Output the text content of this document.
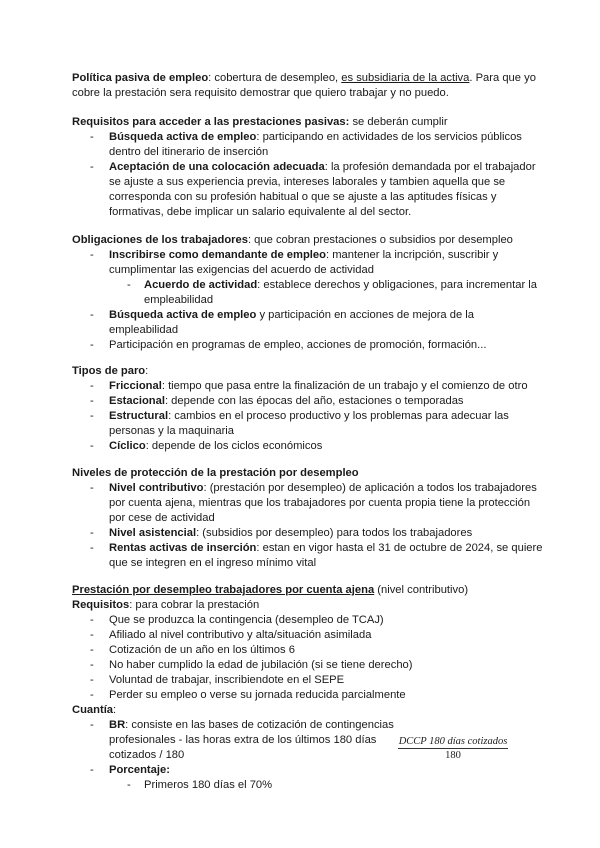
Política pasiva de empleo: cobertura de desempleo, es subsidiaria de la activa. Para que yo cobre la prestación sera requisito demostrar que quiero trabajar y no puedo.

Requisitos para acceder a las prestaciones pasivas: se deberán cumplir

- Búsqueda activa de empleo: participando en actividades de los servicios públicos dentro del itinerario de inserción
- Aceptación de una colocación adecuada: la profesión demandada por el trabajador se ajuste a sus experiencia previa, intereses laborales y tambien aquella que se corresponda con su profesión habitual o que se ajuste a las aptitudes físicas y formativas, debe implicar un salario equivalente al del sector.

Obligaciones de los trabajadores: que cobran prestaciones o subsidios por desempleo

- Inscribirse como demandante de empleo: mantener la incripción, suscribir y cumplimentar las exigencias del acuerdo de actividad
- Acuerdo de actividad: establece derechos y obligaciones, para incrementar la empleabilidad
- Búsqueda activa de empleo y participación en acciones de mejora de la empleabilidad
- Participación en programas de empleo, acciones de promoción, formación...

Tipos de paro:

- Friccional: tiempo que pasa entre la finalización de un trabajo y el comienzo de otro
- Estacional: depende con las épocas del año, estaciones o temporadas
- Estructural: cambios en el proceso productivo y los problemas para adecuar las personas y la maquinaria
- Cíclico: depende de los ciclos económicos

Niveles de protección de la prestación por desempleo

- Nivel contributivo: (prestación por desempleo) de aplicación a todos los trabajadores por cuenta ajena, mientras que los trabajadores por cuenta propia tiene la protección por cese de actividad
- Nivel asistencial: (subsidios por desempleo) para todos los trabajadores
- Rentas activas de inserción: estan en vigor hasta el 31 de octubre de 2024, se quiere que se integren en el ingreso mínimo vital

Prestación por desempleo trabajadores por cuenta ajena (nivel contributivo)

Requisitos: para cobrar la prestación

- Que se produzca la contingencia (desempleo de TCAJ)
- Afiliado al nivel contributivo y alta/situación asimilada
- Cotización de un año en los últimos 6
- No haber cumplido la edad de jubilación (si se tiene derecho)
- Voluntad de trabajar, inscribiendote en el SEPE
- Perder su empleo o verse su jornada reducida parcialmente

Cuantía:

- BR: consiste en las bases de cotización de contingencias profesionales - las horas extra de los últimos 180 días cotizados / 180
- Porcentaje:
- Primeros 180 días el 70%
DCCP 180 días cotizados
180
